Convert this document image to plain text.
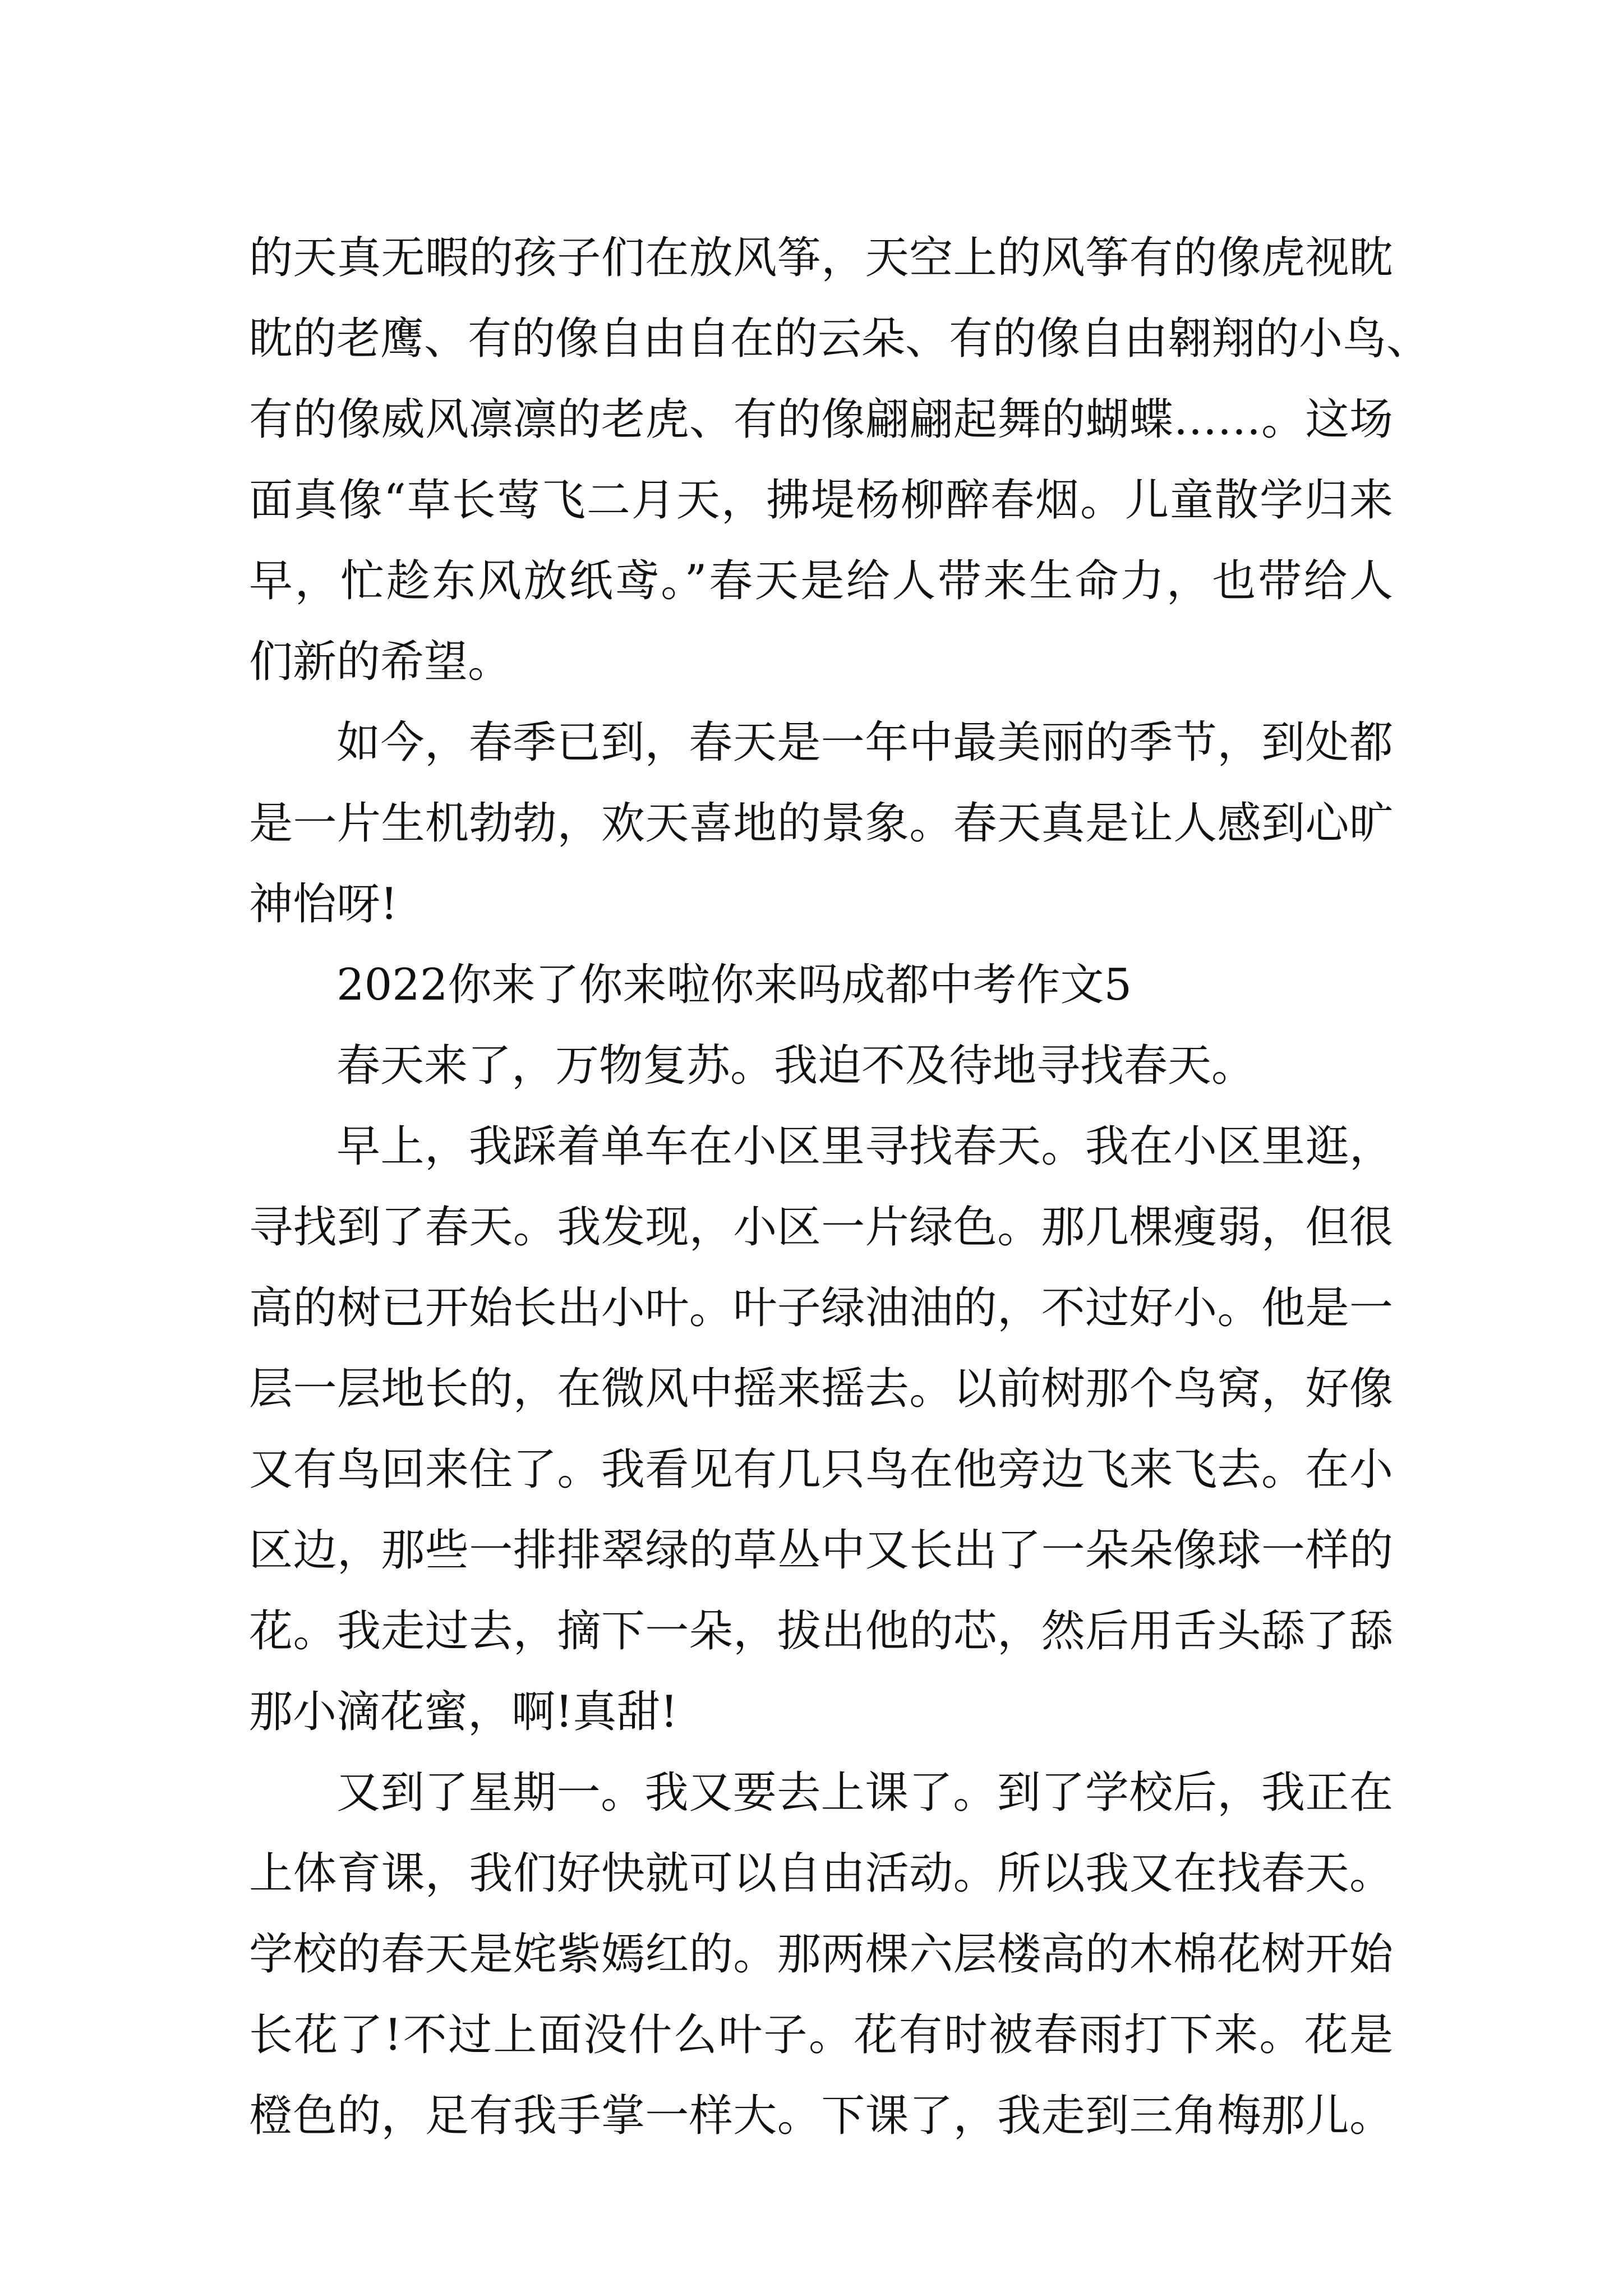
的天真无暇的孩子们在放风筝，天空上的风筝有的像虎视眈
眈的老鹰、有的像自由自在的云朵、有的像自由翱翔的小鸟、
有的像威风凛凛的老虎、有的像翩翩起舞的蝴蝶……。这场
面真像“草长莺飞二月天，拂堤杨柳醉春烟。儿童散学归来
早，忙趁东风放纸鸢。”春天是给人带来生命力，也带给人
们新的希望。
如今，春季已到，春天是一年中最美丽的季节，到处都
是一片生机勃勃，欢天喜地的景象。春天真是让人感到心旷
神怡呀!
2022你来了你来啦你来吗成都中考作文5
春天来了，万物复苏。我迫不及待地寻找春天。
早上，我踩着单车在小区里寻找春天。我在小区里逛，
寻找到了春天。我发现，小区一片绿色。那几棵瘦弱，但很
高的树已开始长出小叶。叶子绿油油的，不过好小。他是一
层一层地长的，在微风中摇来摇去。以前树那个鸟窝，好像
又有鸟回来住了。我看见有几只鸟在他旁边飞来飞去。在小
区边，那些一排排翠绿的草丛中又长出了一朵朵像球一样的
花。我走过去，摘下一朵，拔出他的芯，然后用舌头舔了舔
那小滴花蜜，啊!真甜!
又到了星期一。我又要去上课了。到了学校后，我正在
上体育课，我们好快就可以自由活动。所以我又在找春天。
学校的春天是姹紫嫣红的。那两棵六层楼高的木棉花树开始
长花了!不过上面没什么叶子。花有时被春雨打下来。花是
橙色的，足有我手掌一样大。下课了，我走到三角梅那儿。
